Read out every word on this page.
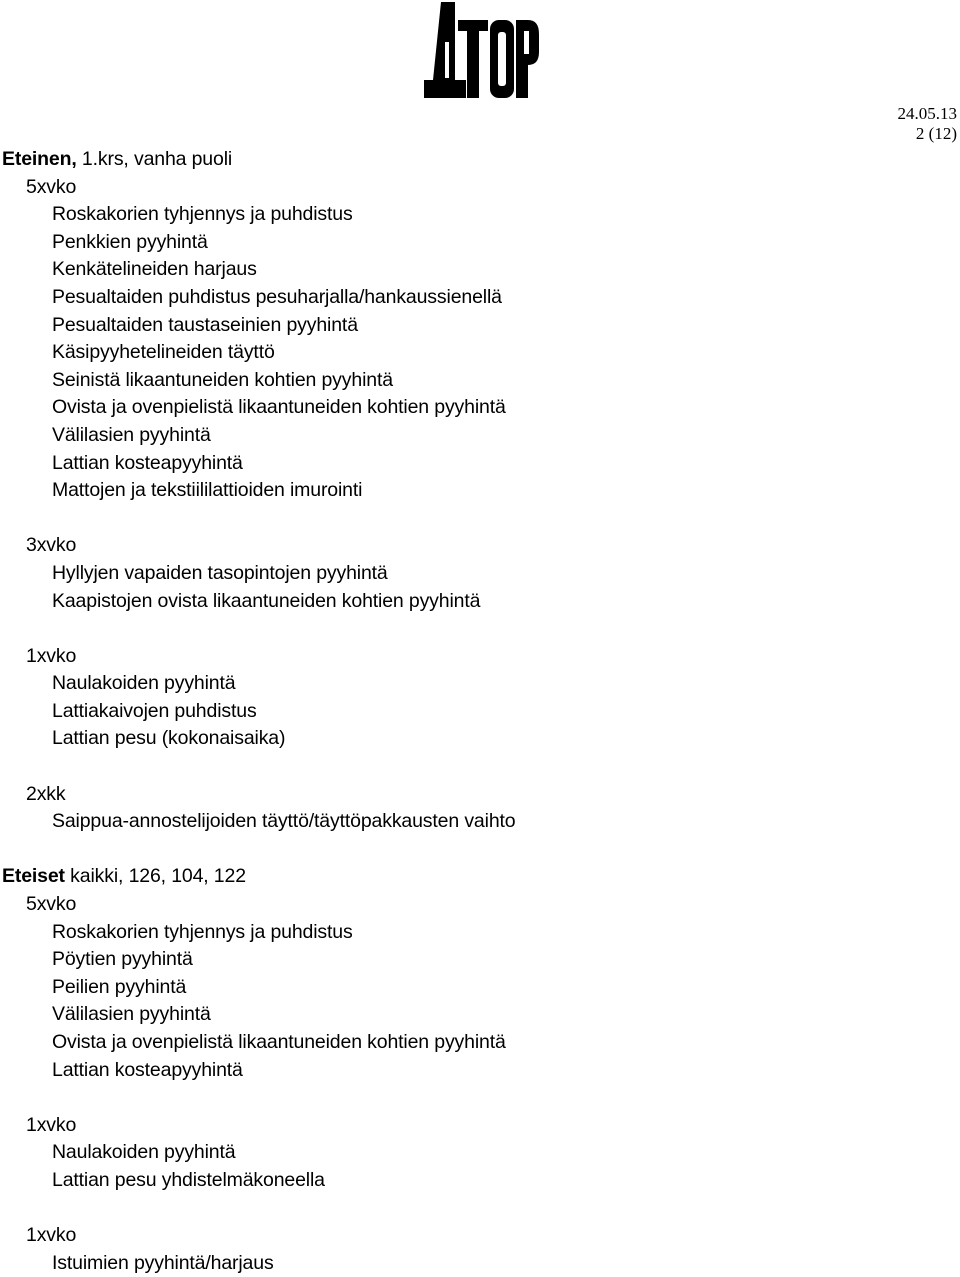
24.05.13
2 (12)
Eteinen, 1.krs, vanha puoli
5xvko
Roskakorien tyhjennys ja puhdistus
Penkkien pyyhintä
Kenkätelineiden harjaus
Pesualtaiden puhdistus pesuharjalla/hankaussienellä
Pesualtaiden taustaseinien pyyhintä
Käsipyyhetelineiden täyttö
Seinistä likaantuneiden kohtien pyyhintä
Ovista ja ovenpielistä likaantuneiden kohtien pyyhintä
Välilasien pyyhintä
Lattian kosteapyyhintä
Mattojen ja tekstiililattioiden imurointi
3xvko
Hyllyjen vapaiden tasopintojen pyyhintä
Kaapistojen ovista likaantuneiden kohtien pyyhintä
1xvko
Naulakoiden pyyhintä
Lattiakaivojen puhdistus
Lattian pesu (kokonaisaika)
2xkk
Saippua-annostelijoiden täyttö/täyttöpakkausten vaihto
Eteiset kaikki, 126, 104, 122
5xvko
Roskakorien tyhjennys ja puhdistus
Pöytien pyyhintä
Peilien pyyhintä
Välilasien pyyhintä
Ovista ja ovenpielistä likaantuneiden kohtien pyyhintä
Lattian kosteapyyhintä
1xvko
Naulakoiden pyyhintä
Lattian pesu yhdistelmäkoneella
1xvko
Istuimien pyyhintä/harjaus
